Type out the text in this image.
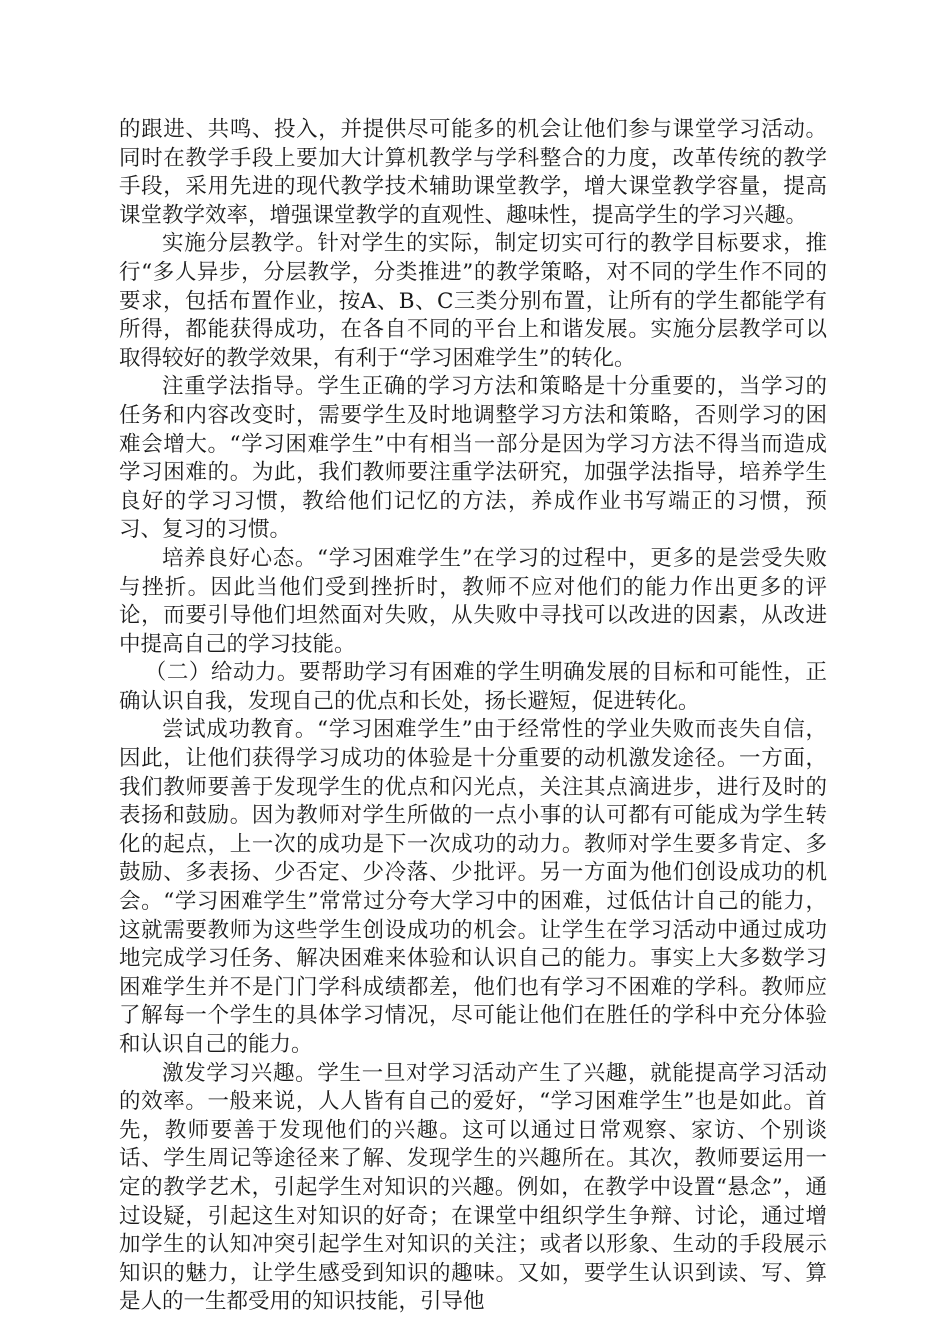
的跟进、共鸣、投入，并提供尽可能多的机会让他们参与课堂学习活动。同时在教学手段上要加大计算机教学与学科整合的力度，改革传统的教学手段，采用先进的现代教学技术辅助课堂教学，增大课堂教学容量，提高课堂教学效率，增强课堂教学的直观性、趣味性，提高学生的学习兴趣。

实施分层教学。针对学生的实际，制定切实可行的教学目标要求，推行“多人异步，分层教学，分类推进”的教学策略，对不同的学生作不同的要求，包括布置作业，按A、B、C三类分别布置，让所有的学生都能学有所得，都能获得成功，在各自不同的平台上和谐发展。实施分层教学可以取得较好的教学效果，有利于“学习困难学生”的转化。

注重学法指导。学生正确的学习方法和策略是十分重要的，当学习的任务和内容改变时，需要学生及时地调整学习方法和策略，否则学习的困难会增大。“学习困难学生”中有相当一部分是因为学习方法不得当而造成学习困难的。为此，我们教师要注重学法研究，加强学法指导，培养学生良好的学习习惯，教给他们记忆的方法，养成作业书写端正的习惯，预习、复习的习惯。

培养良好心态。“学习困难学生”在学习的过程中，更多的是尝受失败与挫折。因此当他们受到挫折时，教师不应对他们的能力作出更多的评论，而要引导他们坦然面对失败，从失败中寻找可以改进的因素，从改进中提高自己的学习技能。

（二）给动力。要帮助学习有困难的学生明确发展的目标和可能性，正确认识自我，发现自己的优点和长处，扬长避短，促进转化。

尝试成功教育。“学习困难学生”由于经常性的学业失败而丧失自信，因此，让他们获得学习成功的体验是十分重要的动机激发途径。一方面，我们教师要善于发现学生的优点和闪光点，关注其点滴进步，进行及时的表扬和鼓励。因为教师对学生所做的一点小事的认可都有可能成为学生转化的起点，上一次的成功是下一次成功的动力。教师对学生要多肯定、多鼓励、多表扬、少否定、少冷落、少批评。另一方面为他们创设成功的机会。“学习困难学生”常常过分夸大学习中的困难，过低估计自己的能力，这就需要教师为这些学生创设成功的机会。让学生在学习活动中通过成功地完成学习任务、解决困难来体验和认识自己的能力。事实上大多数学习困难学生并不是门门学科成绩都差，他们也有学习不困难的学科。教师应了解每一个学生的具体学习情况，尽可能让他们在胜任的学科中充分体验和认识自己的能力。

激发学习兴趣。学生一旦对学习活动产生了兴趣，就能提高学习活动的效率。一般来说，人人皆有自己的爱好，“学习困难学生”也是如此。首先，教师要善于发现他们的兴趣。这可以通过日常观察、家访、个别谈话、学生周记等途径来了解、发现学生的兴趣所在。其次，教师要运用一定的教学艺术，引起学生对知识的兴趣。例如，在教学中设置“悬念”，通过设疑，引起这生对知识的好奇；在课堂中组织学生争辩、讨论，通过增加学生的认知冲突引起学生对知识的关注；或者以形象、生动的手段展示知识的魅力，让学生感受到知识的趣味。又如，要学生认识到读、写、算是人的一生都受用的知识技能，引导他
